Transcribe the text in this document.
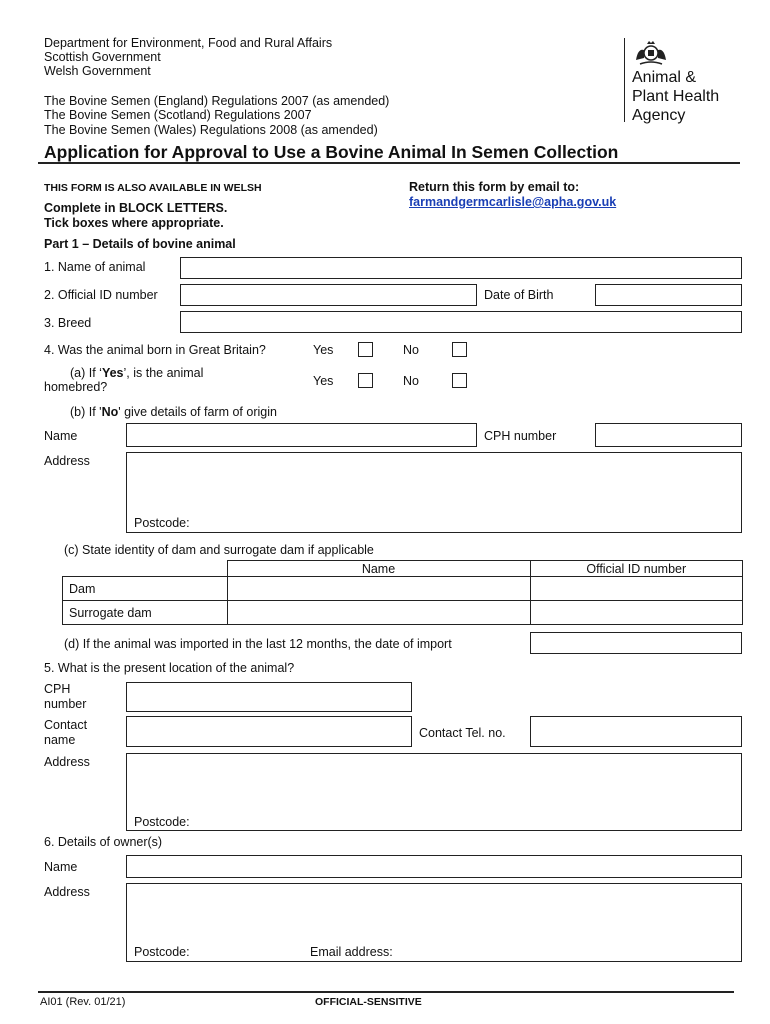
Department for Environment, Food and Rural Affairs
Scottish Government
Welsh Government
The Bovine Semen (England) Regulations 2007 (as amended)
The Bovine Semen (Scotland) Regulations 2007
The Bovine Semen (Wales) Regulations 2008 (as amended)
Animal &
Plant Health
Agency
Application for Approval to Use a Bovine Animal In Semen Collection
THIS FORM IS ALSO AVAILABLE IN WELSH
Complete in BLOCK LETTERS.
Tick boxes where appropriate.
Return this form by email to:
farmandgermcarlisle@apha.gov.uk
Part 1 – Details of bovine animal
1. Name of animal
2. Official ID number	Date of Birth
3. Breed
4. Was the animal born in Great Britain?	Yes	No
(a) If ‘Yes’, is the animal
homebred?	Yes	No
(b) If 'No' give details of farm of origin
Name	CPH number
Address
Postcode:
(c) State identity of dam and surrogate dam if applicable
	Name	Official ID number
Dam		
Surrogate dam		
(d) If the animal was imported in the last 12 months, the date of import
5. What is the present location of the animal?
CPH
number
Contact
name	Contact Tel. no.
Address
Postcode:
6. Details of owner(s)
Name
Address
Postcode:	Email address:
AI01 (Rev. 01/21)	OFFICIAL-SENSITIVE
